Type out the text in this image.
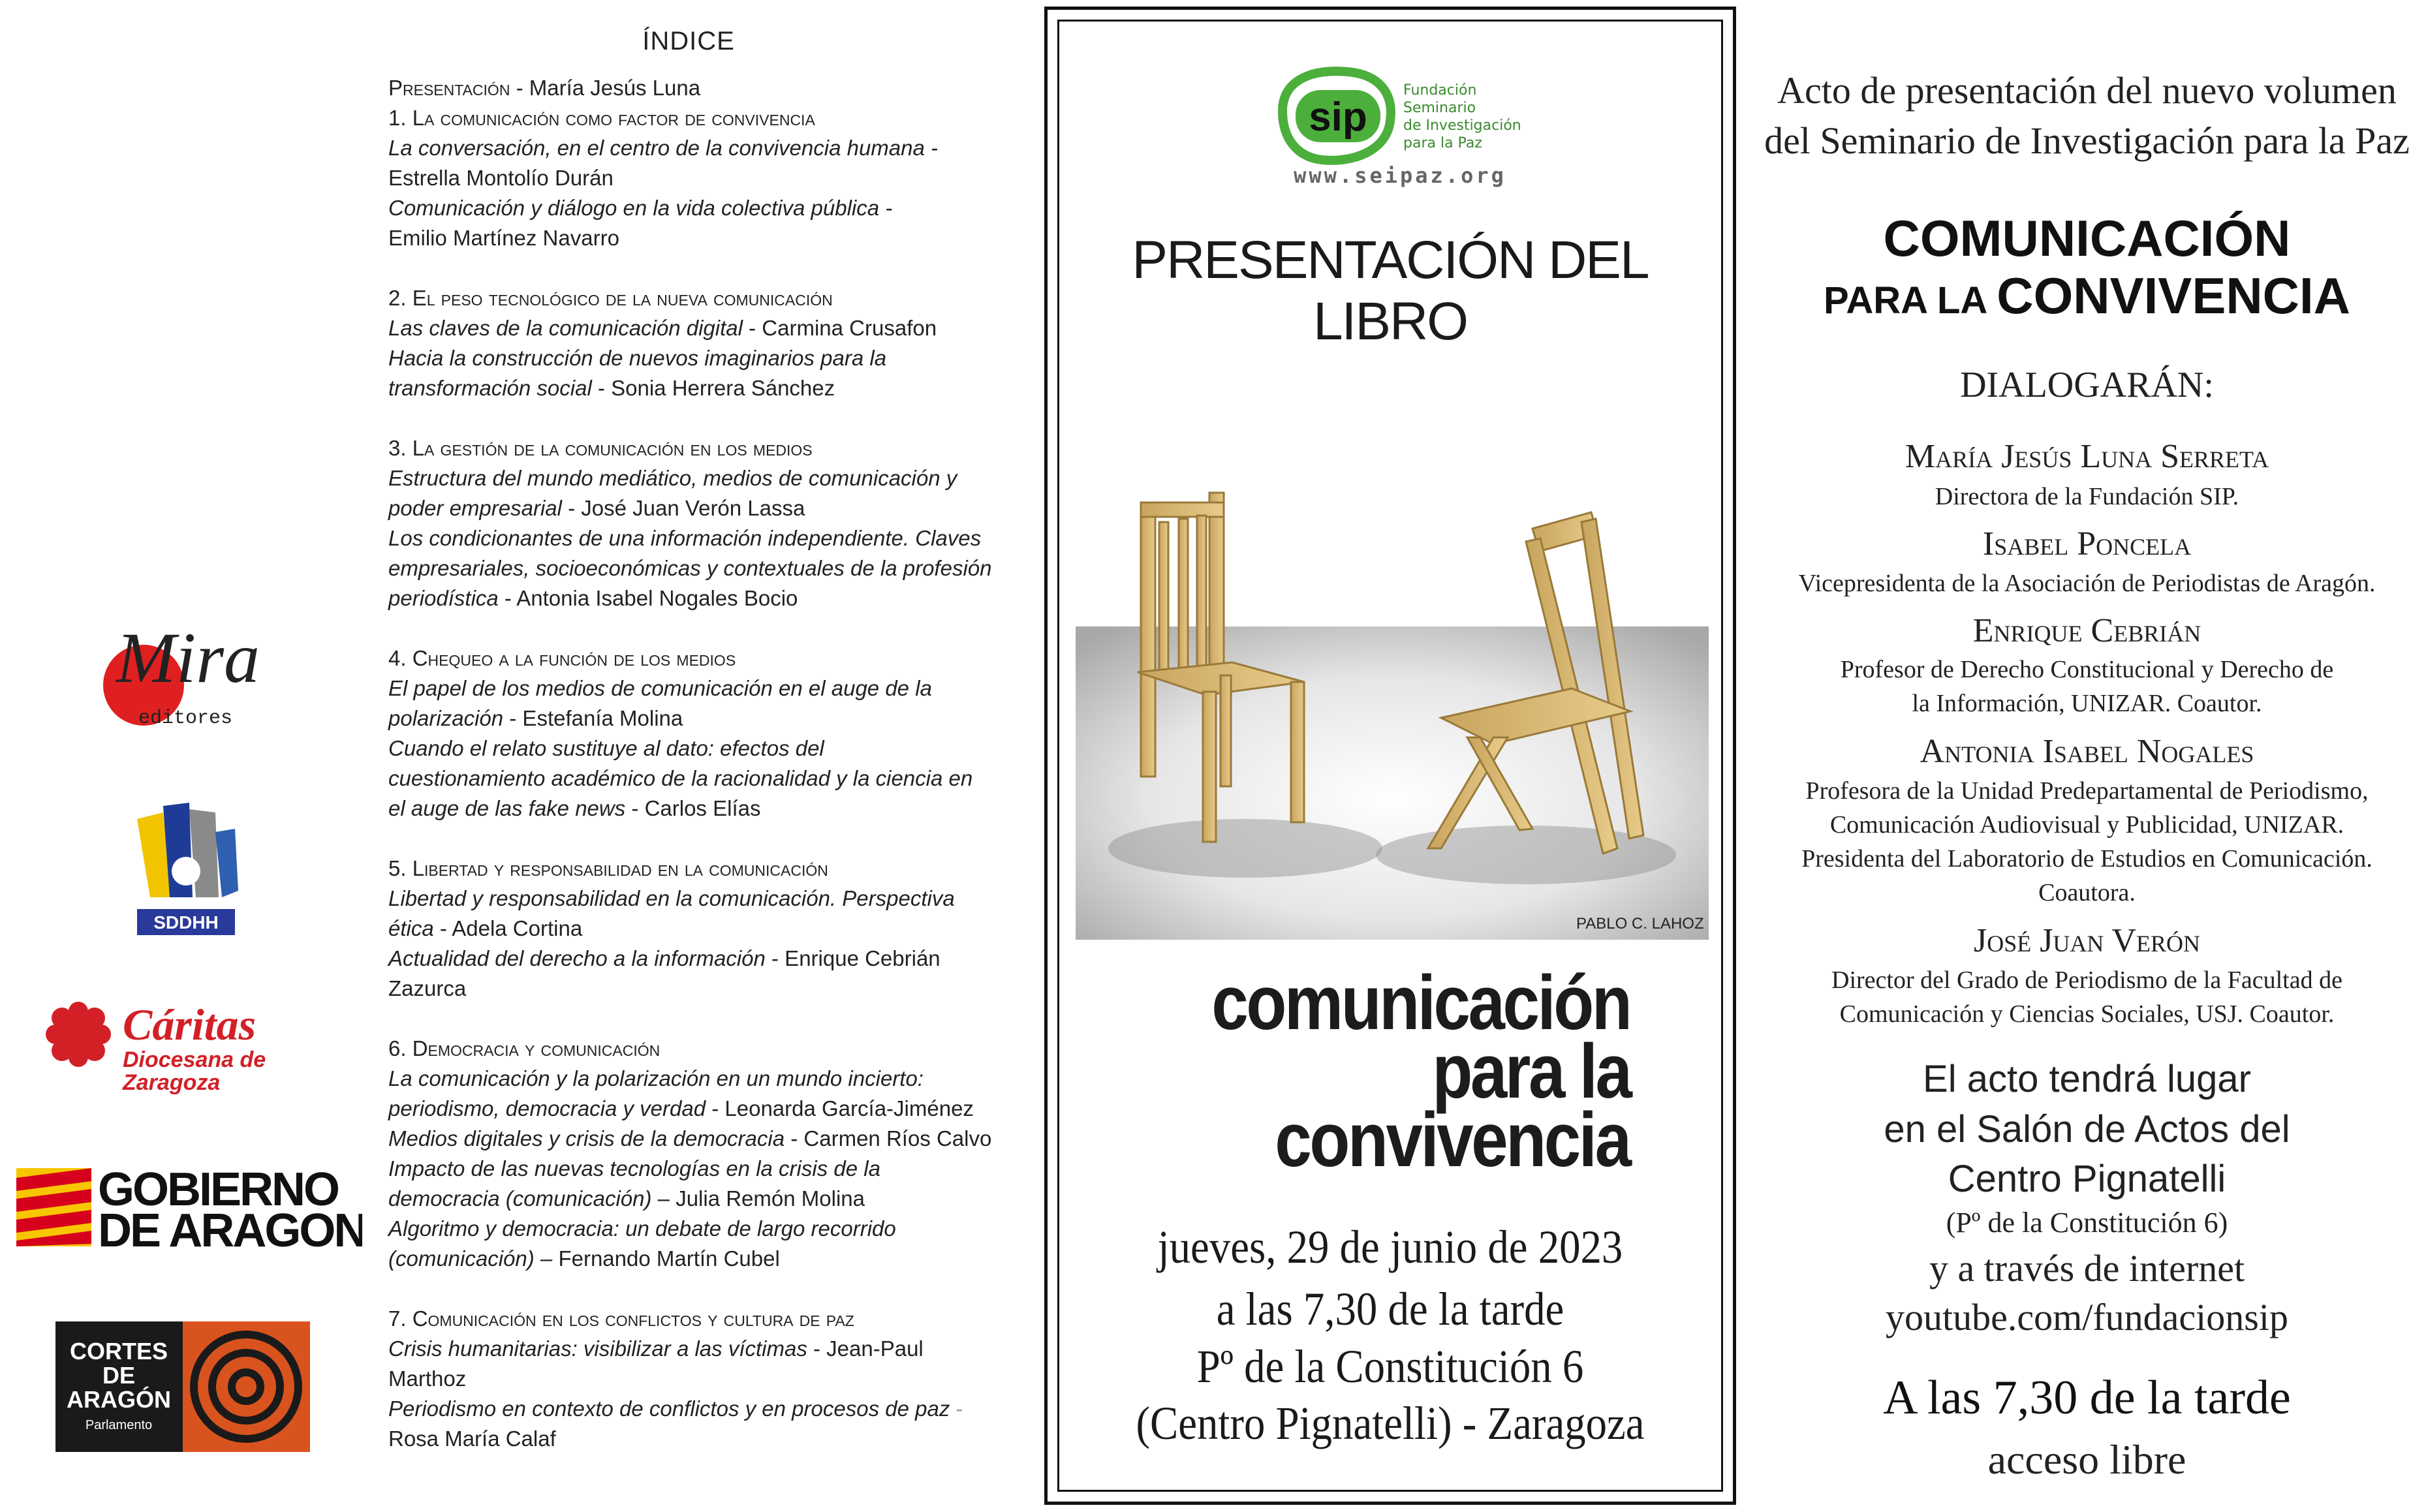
Mira
editores
SDDHH
Cáritas
Diocesana de
Zaragoza
GOBIERNO
DE ARAGON
CORTES
DE
ARAGÓN
Parlamento
ÍNDICE
Presentación - María Jesús Luna
1. La comunicación como factor de convivencia
La conversación, en el centro de la convivencia humana -
Estrella Montolío Durán
Comunicación y diálogo en la vida colectiva pública -
Emilio Martínez Navarro
2. El peso tecnológico de la nueva comunicación
Las claves de la comunicación digital - Carmina Crusafon
Hacia la construcción de nuevos imaginarios para la
transformación social - Sonia Herrera Sánchez
3. La gestión de la comunicación en los medios
Estructura del mundo mediático, medios de comunicación y
poder empresarial - José Juan Verón Lassa
Los condicionantes de una información independiente. Claves
empresariales, socioeconómicas y contextuales de la profesión
periodística - Antonia Isabel Nogales Bocio
4. Chequeo a la función de los medios
El papel de los medios de comunicación en el auge de la
polarización - Estefanía Molina
Cuando el relato sustituye al dato: efectos del
cuestionamiento académico de la racionalidad y la ciencia en
el auge de las fake news - Carlos Elías
5. Libertad y responsabilidad en la comunicación
Libertad y responsabilidad en la comunicación. Perspectiva
ética - Adela Cortina
Actualidad del derecho a la información - Enrique Cebrián
Zazurca
6. Democracia y comunicación
La comunicación y la polarización en un mundo incierto:
periodismo, democracia y verdad - Leonarda García-Jiménez
Medios digitales y crisis de la democracia - Carmen Ríos Calvo
Impacto de las nuevas tecnologías en la crisis de la
democracia (comunicación) – Julia Remón Molina
Algoritmo y democracia: un debate de largo recorrido
(comunicación) – Fernando Martín Cubel
7. Comunicación en los conflictos y cultura de paz
Crisis humanitarias: visibilizar a las víctimas - Jean-Paul
Marthoz
Periodismo en contexto de conflictos y en procesos de paz -
Rosa María Calaf
sip
Fundación
Seminario
de Investigación
para la Paz
www.seipaz.org
PRESENTACIÓN DEL LIBRO
PABLO C. LAHOZ
comunicación
para la
convivencia
jueves, 29 de junio de 2023
a las 7,30 de la tarde
Pº de la Constitución 6
(Centro Pignatelli) - Zaragoza
Acto de presentación del nuevo volumen
del Seminario de Investigación para la Paz
COMUNICACIÓN
PARA LA CONVIVENCIA
DIALOGARÁN:
María Jesús Luna Serreta
Directora de la Fundación SIP.
Isabel Poncela
Vicepresidenta de la Asociación de Periodistas de Aragón.
Enrique Cebrián
Profesor de Derecho Constitucional y Derecho de
la Información, UNIZAR. Coautor.
Antonia Isabel Nogales
Profesora de la Unidad Predepartamental de Periodismo,
Comunicación Audiovisual y Publicidad, UNIZAR.
Presidenta del Laboratorio de Estudios en Comunicación.
Coautora.
José Juan Verón
Director del Grado de Periodismo de la Facultad de
Comunicación y Ciencias Sociales, USJ. Coautor.
El acto tendrá lugar
en el Salón de Actos del
Centro Pignatelli
(Pº de la Constitución 6)
y a través de internet
youtube.com/fundacionsip
A las 7,30 de la tarde
acceso libre
